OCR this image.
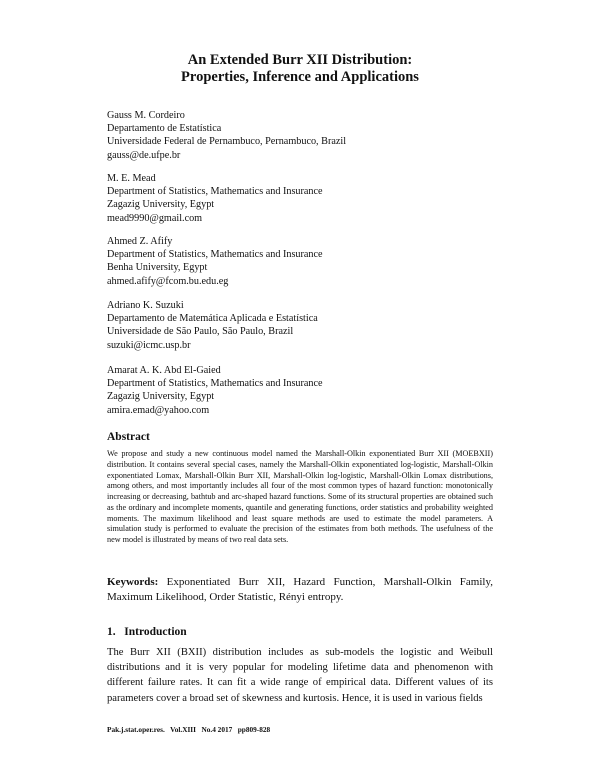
An Extended Burr XII Distribution:
Properties, Inference and Applications
Gauss M. Cordeiro
Departamento de Estatística
Universidade Federal de Pernambuco, Pernambuco, Brazil
gauss@de.ufpe.br
M. E. Mead
Department of Statistics, Mathematics and Insurance
Zagazig University, Egypt
mead9990@gmail.com
Ahmed Z. Afify
Department of Statistics, Mathematics and Insurance
Benha University, Egypt
ahmed.afify@fcom.bu.edu.eg
Adriano K. Suzuki
Departamento de Matemática Aplicada e Estatística
Universidade de São Paulo, São Paulo, Brazil
suzuki@icmc.usp.br
Amarat A. K. Abd El-Gaied
Department of Statistics, Mathematics and Insurance
Zagazig University, Egypt
amira.emad@yahoo.com
Abstract
We propose and study a new continuous model named the Marshall-Olkin exponentiated Burr XII (MOEBXII) distribution. It contains several special cases, namely the Marshall-Olkin exponentiated log-logistic, Marshall-Olkin exponentiated Lomax, Marshall-Olkin Burr XII, Marshall-Olkin log-logistic, Marshall-Olkin Lomax distributions, among others, and most importantly includes all four of the most common types of hazard function: monotonically increasing or decreasing, bathtub and arc-shaped hazard functions. Some of its structural properties are obtained such as the ordinary and incomplete moments, quantile and generating functions, order statistics and probability weighted moments. The maximum likelihood and least square methods are used to estimate the model parameters. A simulation study is performed to evaluate the precision of the estimates from both methods. The usefulness of the new model is illustrated by means of two real data sets.
Keywords: Exponentiated Burr XII, Hazard Function, Marshall-Olkin Family, Maximum Likelihood, Order Statistic, Rényi entropy.
1.   Introduction
The Burr XII (BXII) distribution includes as sub-models the logistic and Weibull distributions and it is very popular for modeling lifetime data and phenomenon with different failure rates. It can fit a wide range of empirical data. Different values of its parameters cover a broad set of skewness and kurtosis. Hence, it is used in various fields
Pak.j.stat.oper.res.   Vol.XIII   No.4 2017   pp809-828
